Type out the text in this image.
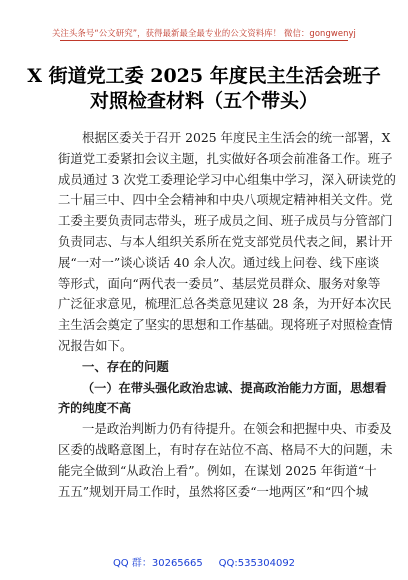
关注头条号“公文研究”，获得最新最全最专业的公文资料库！ 微信：gongwenyj
X 街道党工委 2025 年度民主生活会班子
对照检查材料（五个带头）
根据区委关于召开 2025 年度民主生活会的统一部署，X
街道党工委紧扣会议主题，扎实做好各项会前准备工作。班子
成员通过 3 次党工委理论学习中心组集中学习，深入研读党的
二十届三中、四中全会精神和中央八项规定精神相关文件。党
工委主要负责同志带头，班子成员之间、班子成员与分管部门
负责同志、与本人组织关系所在党支部党员代表之间，累计开
展“一对一”谈心谈话 40 余人次。通过线上问卷、线下座谈
等形式，面向“两代表一委员”、基层党员群众、服务对象等
广泛征求意见，梳理汇总各类意见建议 28 条，为开好本次民
主生活会奠定了坚实的思想和工作基础。现将班子对照检查情
况报告如下。
一、存在的问题
（一）在带头强化政治忠诚、提高政治能力方面，思想看
齐的纯度不高
一是政治判断力仍有待提升。在领会和把握中央、市委及
区委的战略意图上，有时存在站位不高、格局不大的问题，未
能完全做到“从政治上看”。例如，在谋划 2025 年街道“十
五五”规划开局工作时，虽然将区委“一地两区”和“四个城
QQ 群：30265665 QQ:535304092
